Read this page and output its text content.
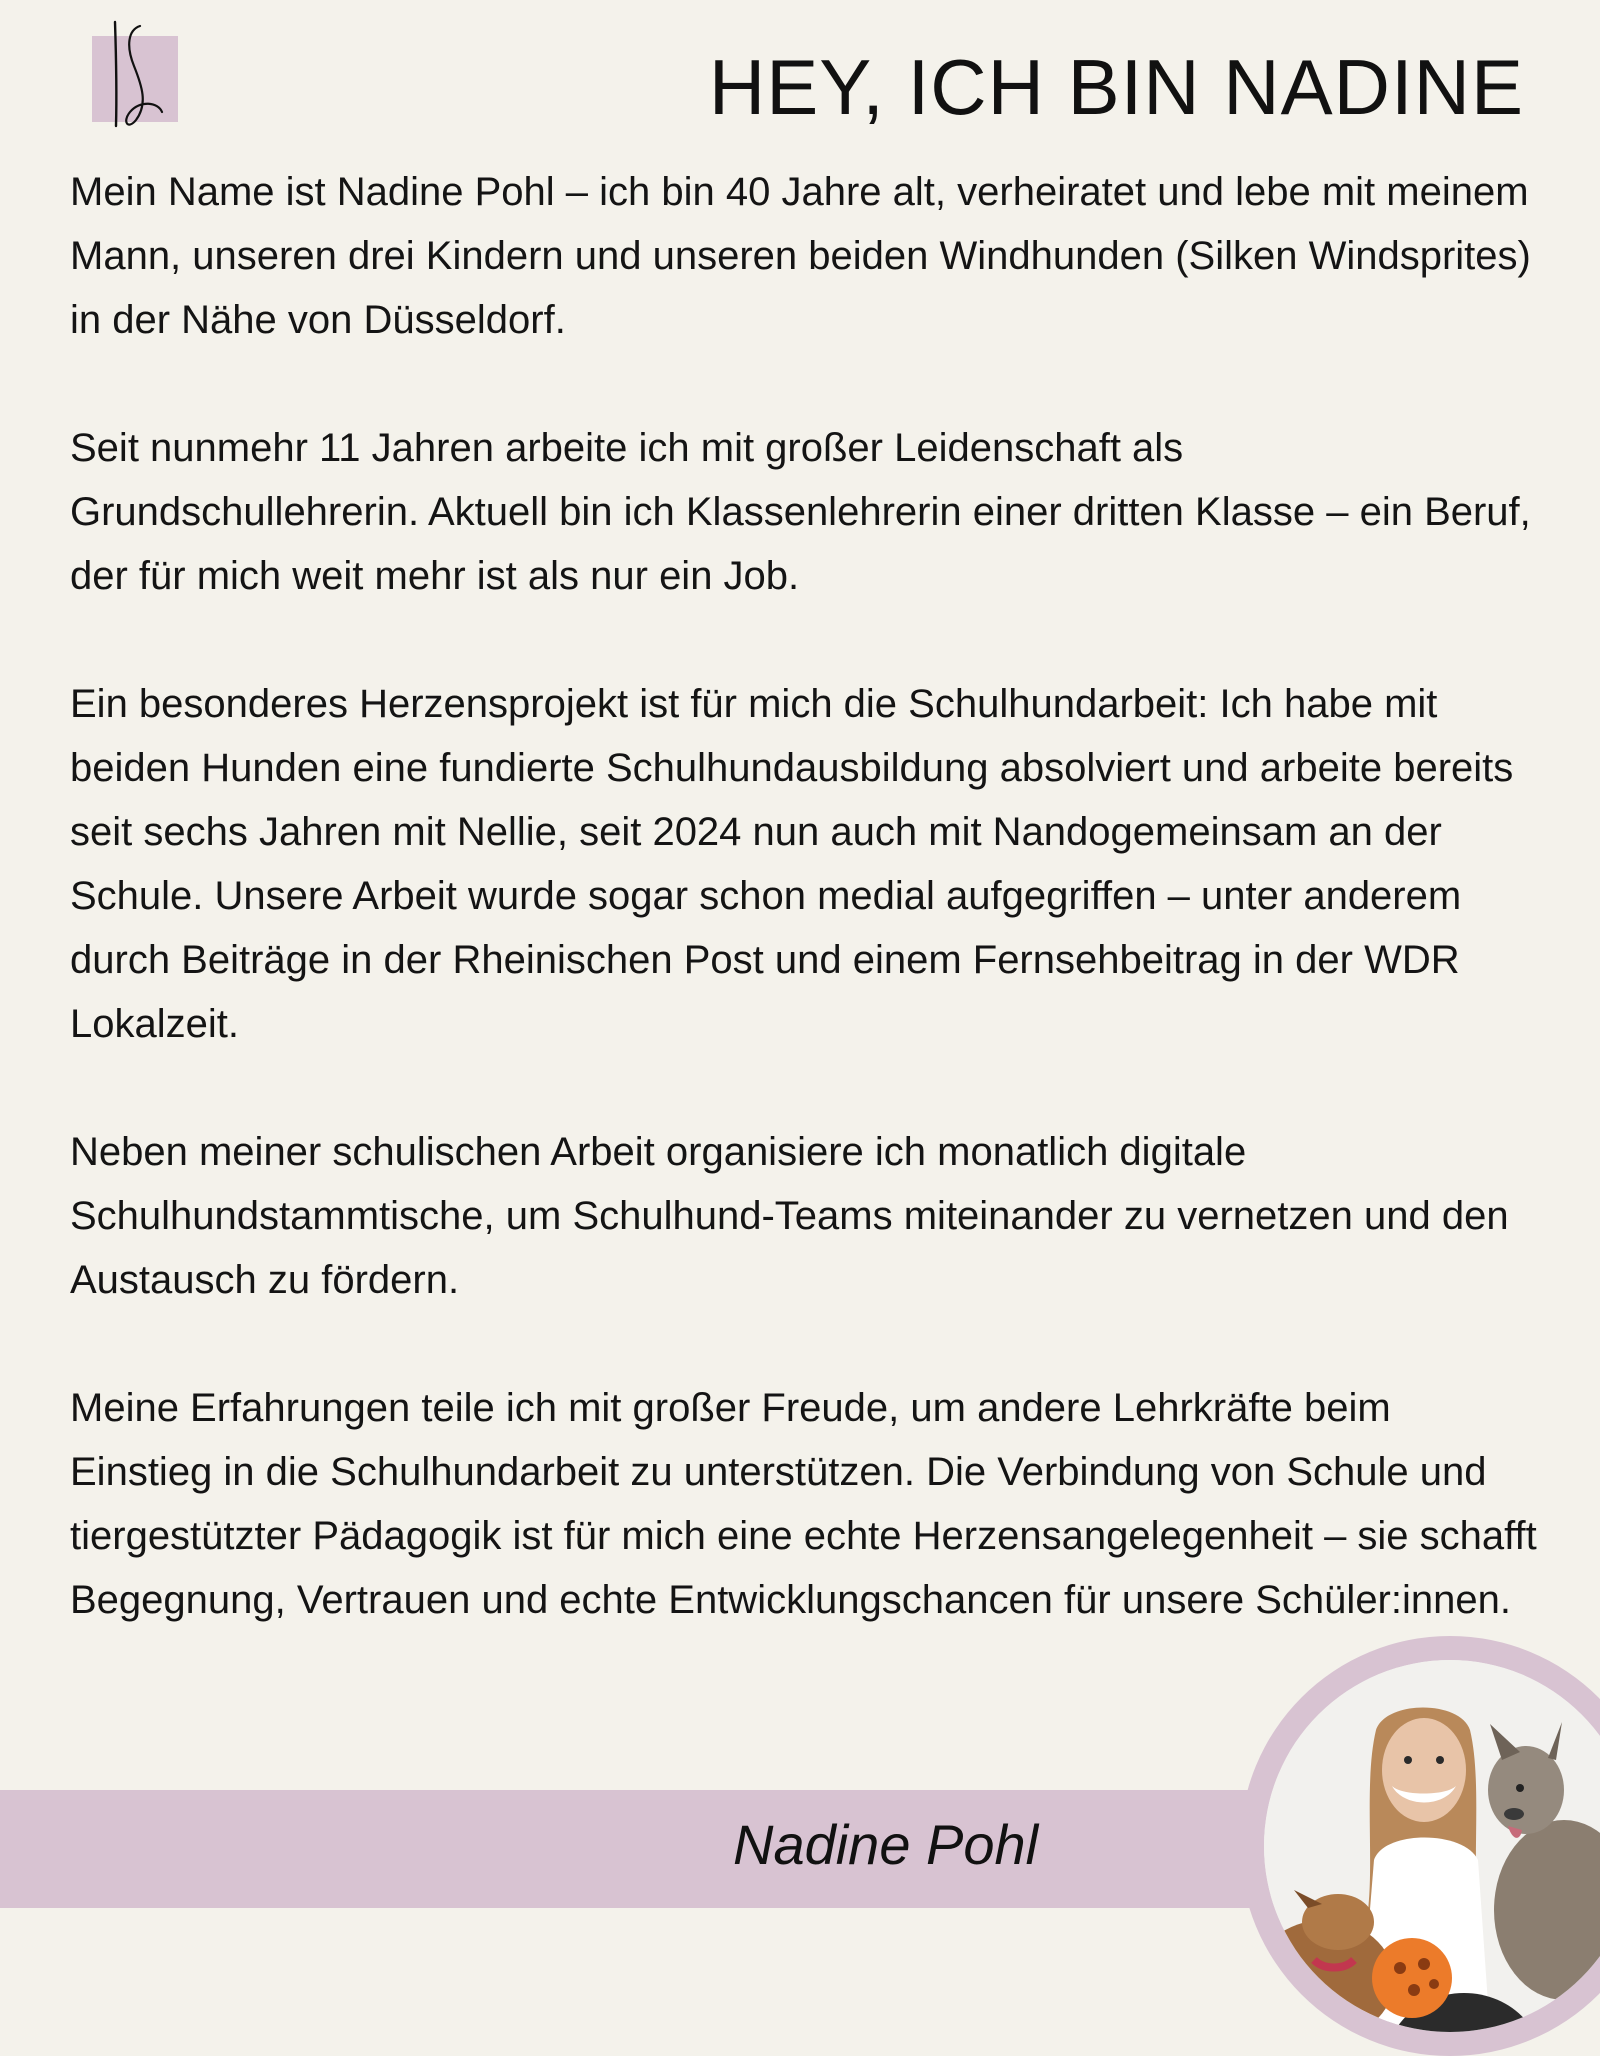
HEY, ICH BIN NADINE

Mein Name ist Nadine Pohl – ich bin 40 Jahre alt, verheiratet und lebe mit meinem Mann, unseren drei Kindern und unseren beiden Windhunden (Silken Windsprites) in der Nähe von Düsseldorf.

Seit nunmehr 11 Jahren arbeite ich mit großer Leidenschaft als Grundschullehrerin. Aktuell bin ich Klassenlehrerin einer dritten Klasse – ein Beruf, der für mich weit mehr ist als nur ein Job.

Ein besonderes Herzensprojekt ist für mich die Schulhundarbeit: Ich habe mit beiden Hunden eine fundierte Schulhundausbildung absolviert und arbeite bereits seit sechs Jahren mit Nellie, seit 2024 nun auch mit Nandogemeinsam an der Schule. Unsere Arbeit wurde sogar schon medial aufgegriffen – unter anderem durch Beiträge in der Rheinischen Post und einem Fernsehbeitrag in der WDR Lokalzeit.

Neben meiner schulischen Arbeit organisiere ich monatlich digitale Schulhundstammtische, um Schulhund-Teams miteinander zu vernetzen und den Austausch zu fördern.

Meine Erfahrungen teile ich mit großer Freude, um andere Lehrkräfte beim Einstieg in die Schulhundarbeit zu unterstützen. Die Verbindung von Schule und tiergestützter Pädagogik ist für mich eine echte Herzensangelegenheit – sie schafft Begegnung, Vertrauen und echte Entwicklungschancen für unsere Schüler:innen.

Nadine Pohl
